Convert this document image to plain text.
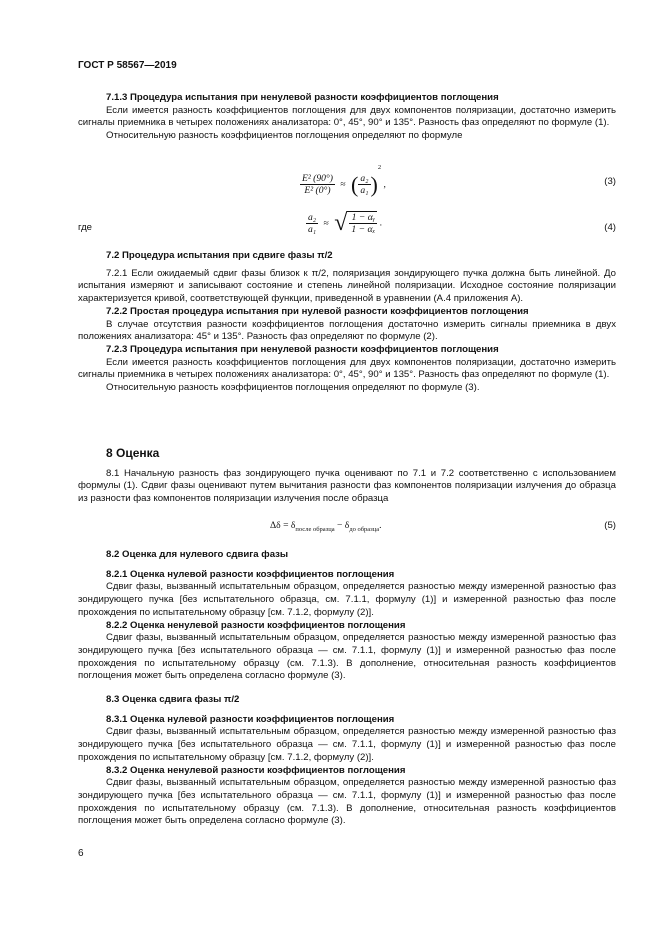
ГОСТ Р 58567—2019

7.1.3 Процедура испытания при ненулевой разности коэффициентов поглощения

Если имеется разность коэффициентов поглощения для двух компонентов поляризации, достаточно измерить сигналы приемника в четырех положениях анализатора: 0°, 45°, 90° и 135°. Разность фаз определяют по формуле (1).

Относительную разность коэффициентов поглощения определяют по формуле

$\frac{\text{E² (90°)}}{\text{E² (0°)}}$ ≈ ( $\frac{\text{a₂}}{\text{a₁}} )^2$ ,	(3)
где	$\frac{\text{a₂}}{\text{a₁}}$ ≈ √ $\frac{\text{1 − αᵧ}}{\text{1 − αₓ}}$ .	(4)

7.2 Процедура испытания при сдвиге фазы π/2

7.2.1 Если ожидаемый сдвиг фазы близок к π/2, поляризация зондирующего пучка должна быть линейной. До испытания измеряют и записывают состояние и степень линейной поляризации. Исходное состояние поляризации характеризуется кривой, соответствующей функции, приведенной в уравнении (А.4 приложения А).

7.2.2 Простая процедура испытания при нулевой разности коэффициентов поглощения

В случае отсутствия разности коэффициентов поглощения достаточно измерить сигналы приемника в двух положениях анализатора: 45° и 135°. Разность фаз определяют по формуле (2).

7.2.3 Процедура испытания при ненулевой разности коэффициентов поглощения

Если имеется разность коэффициентов поглощения для двух компонентов поляризации, достаточно измерить сигналы приемника в четырех положениях анализатора: 0°, 45°, 90° и 135°. Разность фаз определяют по формуле (1).

Относительную разность коэффициентов поглощения определяют по формуле (3).

8 Оценка

8.1 Начальную разность фаз зондирующего пучка оценивают по 7.1 и 7.2 соответственно с использованием формулы (1). Сдвиг фазы оценивают путем вычитания разности фаз компонентов поляризации излучения до образца из разности фаз компонентов поляризации излучения после образца

$\Delta\delta = \delta_{после образца} - \delta_{до образца}$.	(5)

8.2 Оценка для нулевого сдвига фазы

8.2.1 Оценка нулевой разности коэффициентов поглощения

Сдвиг фазы, вызванный испытательным образцом, определяется разностью между измеренной разностью фаз зондирующего пучка [без испытательного образца, см. 7.1.1, формулу (1)] и измеренной разностью фаз после прохождения по испытательному образцу [см. 7.1.2, формулу (2)].

8.2.2 Оценка ненулевой разности коэффициентов поглощения

Сдвиг фазы, вызванный испытательным образцом, определяется разностью между измеренной разностью фаз зондирующего пучка [без испытательного образца — см. 7.1.1, формулу (1)] и измеренной разностью фаз после прохождения по испытательному образцу (см. 7.1.3). В дополнение, относительная разность коэффициентов поглощения может быть определена согласно формуле (3).

8.3 Оценка сдвига фазы π/2

8.3.1 Оценка нулевой разности коэффициентов поглощения

Сдвиг фазы, вызванный испытательным образцом, определяется разностью между измеренной разностью фаз зондирующего пучка [без испытательного образца — см. 7.1.1, формулу (1)] и измеренной разностью фаз после прохождения по испытательному образцу [см. 7.1.2, формулу (2)].

8.3.2 Оценка ненулевой разности коэффициентов поглощения

Сдвиг фазы, вызванный испытательным образцом, определяется разностью между измеренной разностью фаз зондирующего пучка [без испытательного образца — см. 7.1.1, формулу (1)] и измеренной разностью фаз после прохождения по испытательному образцу (см. 7.1.3). В дополнение, относительная разность коэффициентов поглощения может быть определена согласно формуле (3).

6
